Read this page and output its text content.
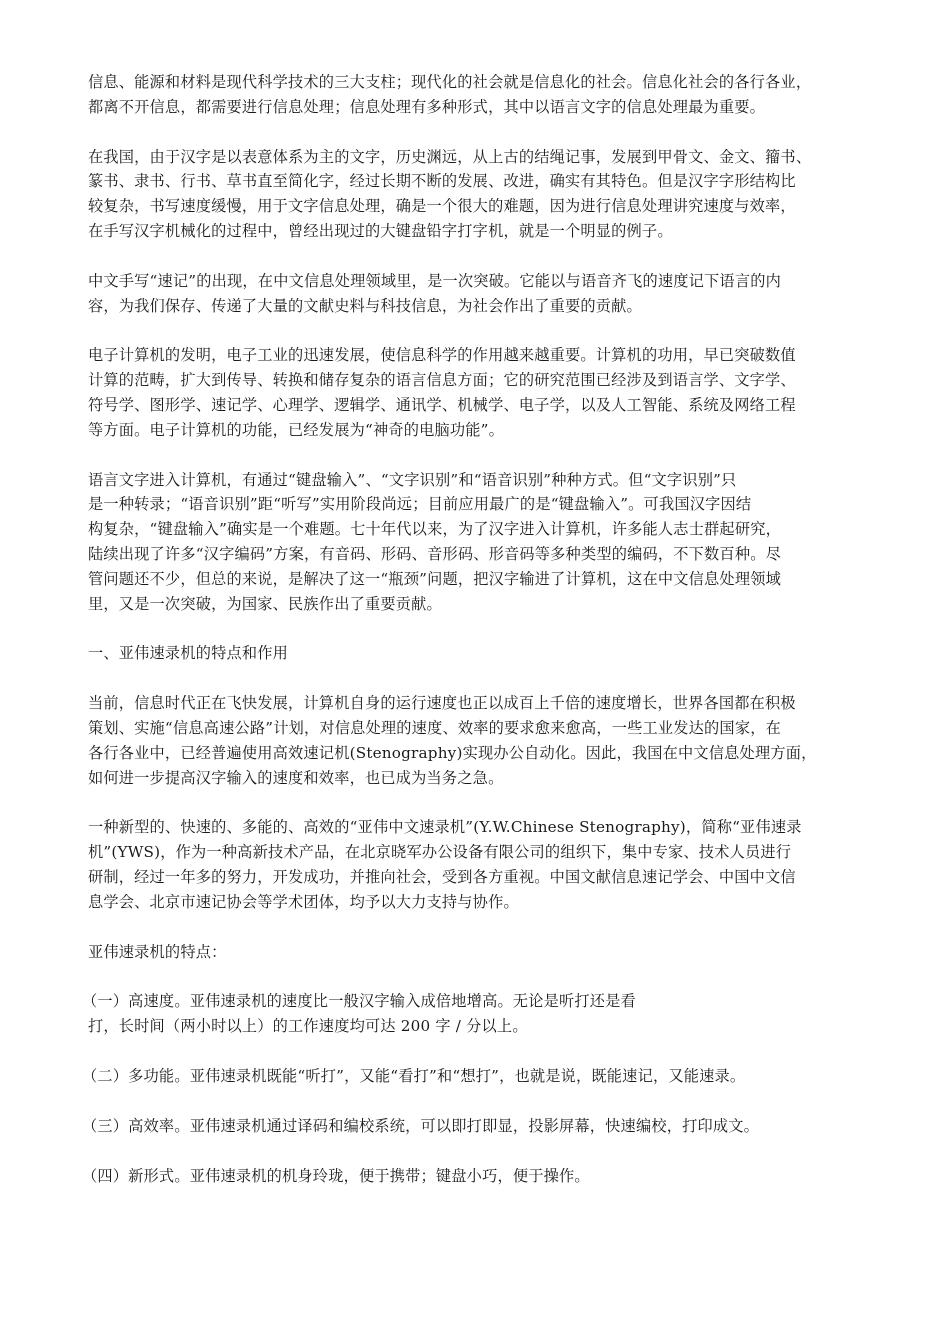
信息、能源和材料是现代科学技术的三大支柱；现代化的社会就是信息化的社会。信息化社会的各行各业，
都离不开信息，都需要进行信息处理；信息处理有多种形式，其中以语言文字的信息处理最为重要。

在我国，由于汉字是以表意体系为主的文字，历史渊远，从上古的结绳记事，发展到甲骨文、金文、籀书、
篆书、隶书、行书、草书直至简化字，经过长期不断的发展、改进，确实有其特色。但是汉字字形结构比
较复杂，书写速度缓慢，用于文字信息处理，确是一个很大的难题，因为进行信息处理讲究速度与效率，
在手写汉字机械化的过程中，曾经出现过的大键盘铅字打字机，就是一个明显的例子。

中文手写“速记”的出现，在中文信息处理领域里，是一次突破。它能以与语音齐飞的速度记下语言的内
容，为我们保存、传递了大量的文献史料与科技信息，为社会作出了重要的贡献。

电子计算机的发明，电子工业的迅速发展，使信息科学的作用越来越重要。计算机的功用，早已突破数值
计算的范畴，扩大到传导、转换和储存复杂的语言信息方面；它的研究范围已经涉及到语言学、文字学、
符号学、图形学、速记学、心理学、逻辑学、通讯学、机械学、电子学，以及人工智能、系统及网络工程
等方面。电子计算机的功能，已经发展为“神奇的电脑功能”。

语言文字进入计算机，有通过“键盘输入”、“文字识别”和“语音识别”种种方式。但“文字识别”只
是一种转录；“语音识别”距“听写”实用阶段尚远；目前应用最广的是“键盘输入”。可我国汉字因结
构复杂，“键盘输入”确实是一个难题。七十年代以来，为了汉字进入计算机，许多能人志士群起研究，
陆续出现了许多“汉字编码”方案，有音码、形码、音形码、形音码等多种类型的编码，不下数百种。尽
管问题还不少，但总的来说，是解决了这一“瓶颈”问题，把汉字输进了计算机，这在中文信息处理领域
里，又是一次突破，为国家、民族作出了重要贡献。

一、亚伟速录机的特点和作用

当前，信息时代正在飞快发展，计算机自身的运行速度也正以成百上千倍的速度增长，世界各国都在积极
策划、实施“信息高速公路”计划，对信息处理的速度、效率的要求愈来愈高，一些工业发达的国家，在
各行各业中，已经普遍使用高效速记机(Stenography)实现办公自动化。因此，我国在中文信息处理方面，
如何进一步提高汉字输入的速度和效率，也已成为当务之急。

一种新型的、快速的、多能的、高效的“亚伟中文速录机”(Y.W.Chinese Stenography)，简称“亚伟速录
机”(YWS)，作为一种高新技术产品，在北京晓军办公设备有限公司的组织下，集中专家、技术人员进行
研制，经过一年多的努力，开发成功，并推向社会，受到各方重视。中国文献信息速记学会、中国中文信
息学会、北京市速记协会等学术团体，均予以大力支持与协作。

亚伟速录机的特点：

（一）高速度。亚伟速录机的速度比一般汉字输入成倍地增高。无论是听打还是看
打，长时间（两小时以上）的工作速度均可达 200 字 / 分以上。

（二）多功能。亚伟速录机既能“听打”，又能“看打”和“想打”，也就是说，既能速记，又能速录。

（三）高效率。亚伟速录机通过译码和编校系统，可以即打即显，投影屏幕，快速编校，打印成文。

（四）新形式。亚伟速录机的机身玲珑，便于携带；键盘小巧，便于操作。
